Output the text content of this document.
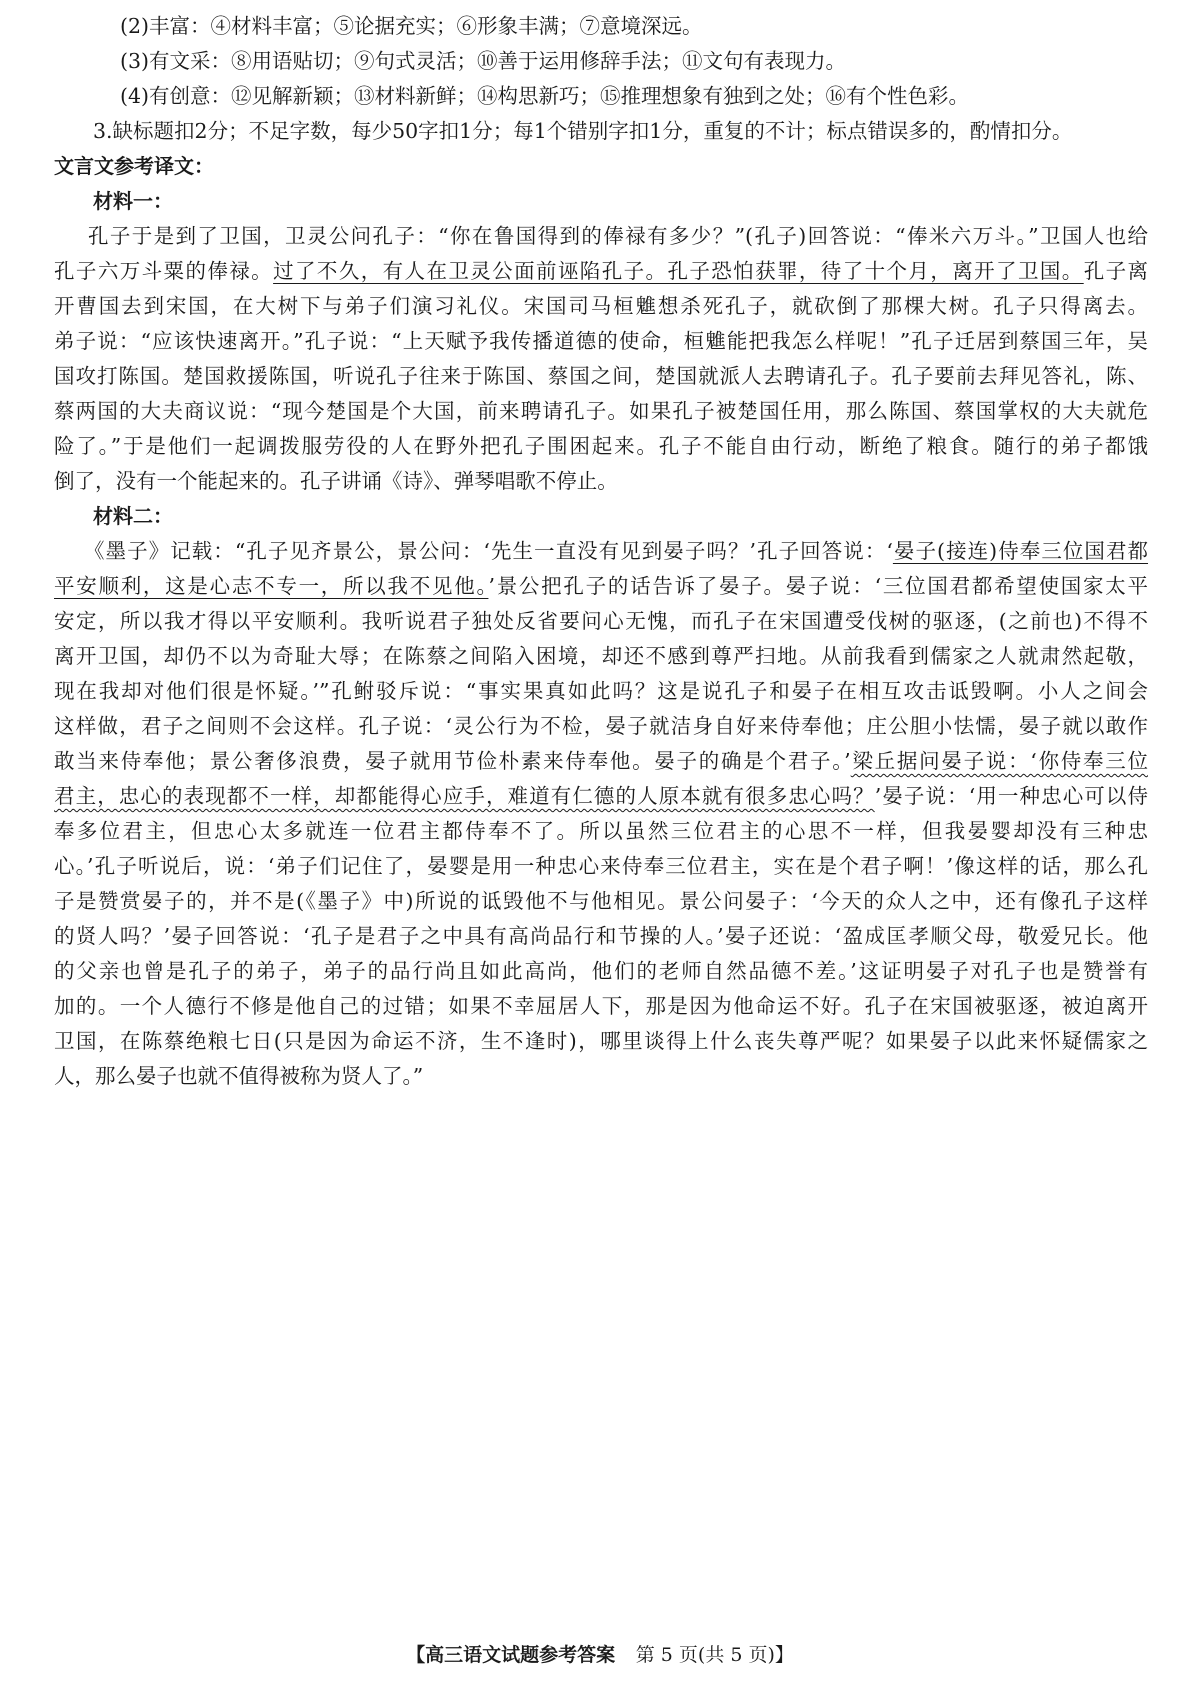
(2)丰富：④材料丰富；⑤论据充实；⑥形象丰满；⑦意境深远。
(3)有文采：⑧用语贴切；⑨句式灵活；⑩善于运用修辞手法；⑪文句有表现力。
(4)有创意：⑫见解新颖；⑬材料新鲜；⑭构思新巧；⑮推理想象有独到之处；⑯有个性色彩。
3.缺标题扣2分；不足字数，每少50字扣1分；每1个错别字扣1分，重复的不计；标点错误多的，酌情扣分。
文言文参考译文：
材料一：
孔子于是到了卫国，卫灵公问孔子：“你在鲁国得到的俸禄有多少？”(孔子)回答说：“俸米六万斗。”卫国人也给
孔子六万斗粟的俸禄。过了不久，有人在卫灵公面前诬陷孔子。孔子恐怕获罪，待了十个月，离开了卫国。孔子离
开曹国去到宋国，在大树下与弟子们演习礼仪。宋国司马桓魋想杀死孔子，就砍倒了那棵大树。孔子只得离去。
弟子说：“应该快速离开。”孔子说：“上天赋予我传播道德的使命，桓魋能把我怎么样呢！”孔子迁居到蔡国三年，吴
国攻打陈国。楚国救援陈国，听说孔子往来于陈国、蔡国之间，楚国就派人去聘请孔子。孔子要前去拜见答礼，陈、
蔡两国的大夫商议说：“现今楚国是个大国，前来聘请孔子。如果孔子被楚国任用，那么陈国、蔡国掌权的大夫就危
险了。”于是他们一起调拨服劳役的人在野外把孔子围困起来。孔子不能自由行动，断绝了粮食。随行的弟子都饿
倒了，没有一个能起来的。孔子讲诵《诗》、弹琴唱歌不停止。
材料二：
《墨子》记载：“孔子见齐景公，景公问：‘先生一直没有见到晏子吗？’孔子回答说：‘晏子(接连)侍奉三位国君都
平安顺利，这是心志不专一，所以我不见他。’景公把孔子的话告诉了晏子。晏子说：‘三位国君都希望使国家太平
安定，所以我才得以平安顺利。我听说君子独处反省要问心无愧，而孔子在宋国遭受伐树的驱逐，(之前也)不得不
离开卫国，却仍不以为奇耻大辱；在陈蔡之间陷入困境，却还不感到尊严扫地。从前我看到儒家之人就肃然起敬，
现在我却对他们很是怀疑。’”孔鲋驳斥说：“事实果真如此吗？这是说孔子和晏子在相互攻击诋毁啊。小人之间会
这样做，君子之间则不会这样。孔子说：‘灵公行为不检，晏子就洁身自好来侍奉他；庄公胆小怯懦，晏子就以敢作
敢当来侍奉他；景公奢侈浪费，晏子就用节俭朴素来侍奉他。晏子的确是个君子。’梁丘据问晏子说：‘你侍奉三位
君主，忠心的表现都不一样，却都能得心应手，难道有仁德的人原本就有很多忠心吗？’晏子说：‘用一种忠心可以侍
奉多位君主，但忠心太多就连一位君主都侍奉不了。所以虽然三位君主的心思不一样，但我晏婴却没有三种忠
心。’孔子听说后，说：‘弟子们记住了，晏婴是用一种忠心来侍奉三位君主，实在是个君子啊！’像这样的话，那么孔
子是赞赏晏子的，并不是(《墨子》中)所说的诋毁他不与他相见。景公问晏子：‘今天的众人之中，还有像孔子这样
的贤人吗？’晏子回答说：‘孔子是君子之中具有高尚品行和节操的人。’晏子还说：‘盈成匡孝顺父母，敬爱兄长。他
的父亲也曾是孔子的弟子，弟子的品行尚且如此高尚，他们的老师自然品德不差。’这证明晏子对孔子也是赞誉有
加的。一个人德行不修是他自己的过错；如果不幸屈居人下，那是因为他命运不好。孔子在宋国被驱逐，被迫离开
卫国，在陈蔡绝粮七日(只是因为命运不济，生不逢时)，哪里谈得上什么丧失尊严呢？如果晏子以此来怀疑儒家之
人，那么晏子也就不值得被称为贤人了。”
【高三语文试题参考答案 第 5 页(共 5 页)】
